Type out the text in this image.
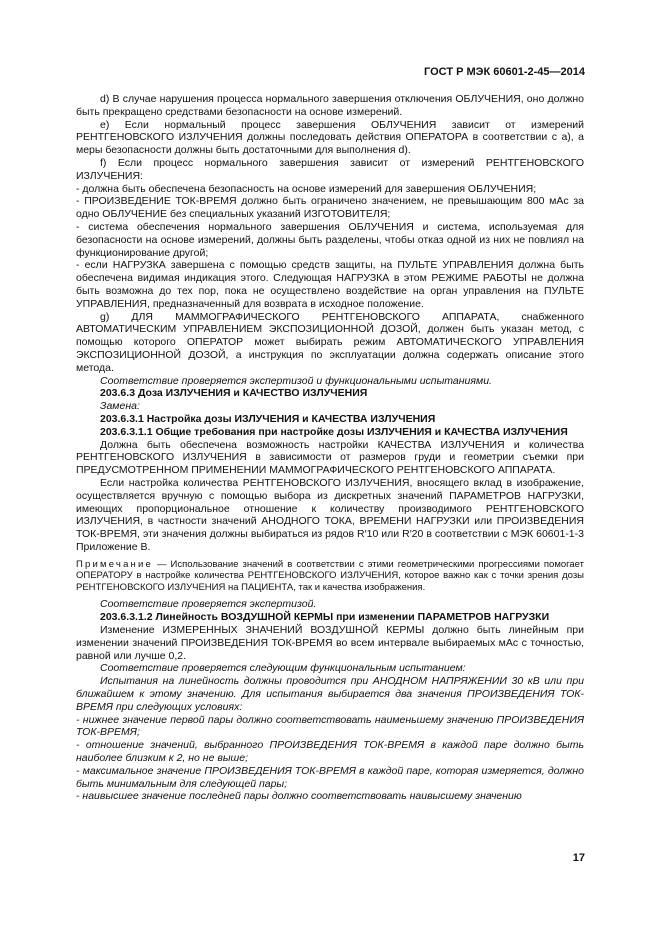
ГОСТ Р МЭК 60601-2-45—2014

d) В случае нарушения процесса нормального завершения отключения ОБЛУЧЕНИЯ, оно должно быть прекращено средствами безопасности на основе измерений.

e) Если нормальный процесс завершения ОБЛУЧЕНИЯ зависит от измерений РЕНТГЕНОВСКОГО ИЗЛУЧЕНИЯ должны последовать действия ОПЕРАТОРА в соответствии с a), а меры безопасности должны быть достаточными для выполнения d).

f) Если процесс нормального завершения зависит от измерений РЕНТГЕНОВСКОГО ИЗЛУЧЕНИЯ:

- должна быть обеспечена безопасность на основе измерений для завершения ОБЛУЧЕНИЯ;

- ПРОИЗВЕДЕНИЕ ТОК-ВРЕМЯ должно быть ограничено значением, не превышающим 800 мАс за одно ОБЛУЧЕНИЕ без специальных указаний ИЗГОТОВИТЕЛЯ;

- система обеспечения нормального завершения ОБЛУЧЕНИЯ и система, используемая для безопасности на основе измерений, должны быть разделены, чтобы отказ одной из них не повлиял на функционирование другой;

- если НАГРУЗКА завершена с помощью средств защиты, на ПУЛЬТЕ УПРАВЛЕНИЯ должна быть обеспечена видимая индикация этого. Следующая НАГРУЗКА в этом РЕЖИМЕ РАБОТЫ не должна быть возможна до тех пор, пока не осуществлено воздействие на орган управления на ПУЛЬТЕ УПРАВЛЕНИЯ, предназначенный для возврата в исходное положение.

g) ДЛЯ МАММОГРАФИЧЕСКОГО РЕНТГЕНОВСКОГО АППАРАТА, снабженного АВТОМАТИЧЕСКИМ УПРАВЛЕНИЕМ ЭКСПОЗИЦИОННОЙ ДОЗОЙ, должен быть указан метод, с помощью которого ОПЕРАТОР может выбирать режим АВТОМАТИЧЕСКОГО УПРАВЛЕНИЯ ЭКСПОЗИЦИОННОЙ ДОЗОЙ, а инструкция по эксплуатации должна содержать описание этого метода.

Соответствие проверяется экспертизой и функциональными испытаниями.

203.6.3 Доза ИЗЛУЧЕНИЯ и КАЧЕСТВО ИЗЛУЧЕНИЯ

Замена:

203.6.3.1 Настройка дозы ИЗЛУЧЕНИЯ и КАЧЕСТВА ИЗЛУЧЕНИЯ

203.6.3.1.1 Общие требования при настройке дозы ИЗЛУЧЕНИЯ и КАЧЕСТВА ИЗЛУЧЕНИЯ

Должна быть обеспечена возможность настройки КАЧЕСТВА ИЗЛУЧЕНИЯ и количества РЕНТГЕНОВСКОГО ИЗЛУЧЕНИЯ в зависимости от размеров груди и геометрии съемки при ПРЕДУСМОТРЕННОМ ПРИМЕНЕНИИ МАММОГРАФИЧЕСКОГО РЕНТГЕНОВСКОГО АППАРАТА.

Если настройка количества РЕНТГЕНОВСКОГО ИЗЛУЧЕНИЯ, вносящего вклад в изображение, осуществляется вручную с помощью выбора из дискретных значений ПАРАМЕТРОВ НАГРУЗКИ, имеющих пропорциональное отношение к количеству производимого РЕНТГЕНОВСКОГО ИЗЛУЧЕНИЯ, в частности значений АНОДНОГО ТОКА, ВРЕМЕНИ НАГРУЗКИ или ПРОИЗВЕДЕНИЯ ТОК-ВРЕМЯ, эти значения должны выбираться из рядов R′10 или R′20 в соответствии с МЭК 60601-1-3 Приложение В.

Примечание — Использование значений в соответствии с этими геометрическими прогрессиями помогает ОПЕРАТОРУ в настройке количества РЕНТГЕНОВСКОГО ИЗЛУЧЕНИЯ, которое важно как с точки зрения дозы РЕНТГЕНОВСКОГО ИЗЛУЧЕНИЯ на ПАЦИЕНТА, так и качества изображения.

Соответствие проверяется экспертизой.

203.6.3.1.2 Линейность ВОЗДУШНОЙ КЕРМЫ при изменении ПАРАМЕТРОВ НАГРУЗКИ

Изменение ИЗМЕРЕННЫХ ЗНАЧЕНИЙ ВОЗДУШНОЙ КЕРМЫ должно быть линейным при изменении значений ПРОИЗВЕДЕНИЯ ТОК-ВРЕМЯ во всем интервале выбираемых мАс с точностью, равной или лучше 0,2.

Соответствие проверяется следующим функциональным испытанием:

Испытания на линейность должны проводится при АНОДНОМ НАПРЯЖЕНИИ 30 кВ или при ближайшем к этому значению. Для испытания выбирается два значения ПРОИЗВЕДЕНИЯ ТОК-ВРЕМЯ при следующих условиях:

- нижнее значение первой пары должно соответствовать наименьшему значению ПРОИЗВЕДЕНИЯ ТОК-ВРЕМЯ;

- отношение значений, выбранного ПРОИЗВЕДЕНИЯ ТОК-ВРЕМЯ в каждой паре должно быть наиболее близким к 2, но не выше;

- максимальное значение ПРОИЗВЕДЕНИЯ ТОК-ВРЕМЯ в каждой паре, которая измеряется, должно быть минимальным для следующей пары;

- наивысшее значение последней пары должно соответствовать наивысшему значению

17
